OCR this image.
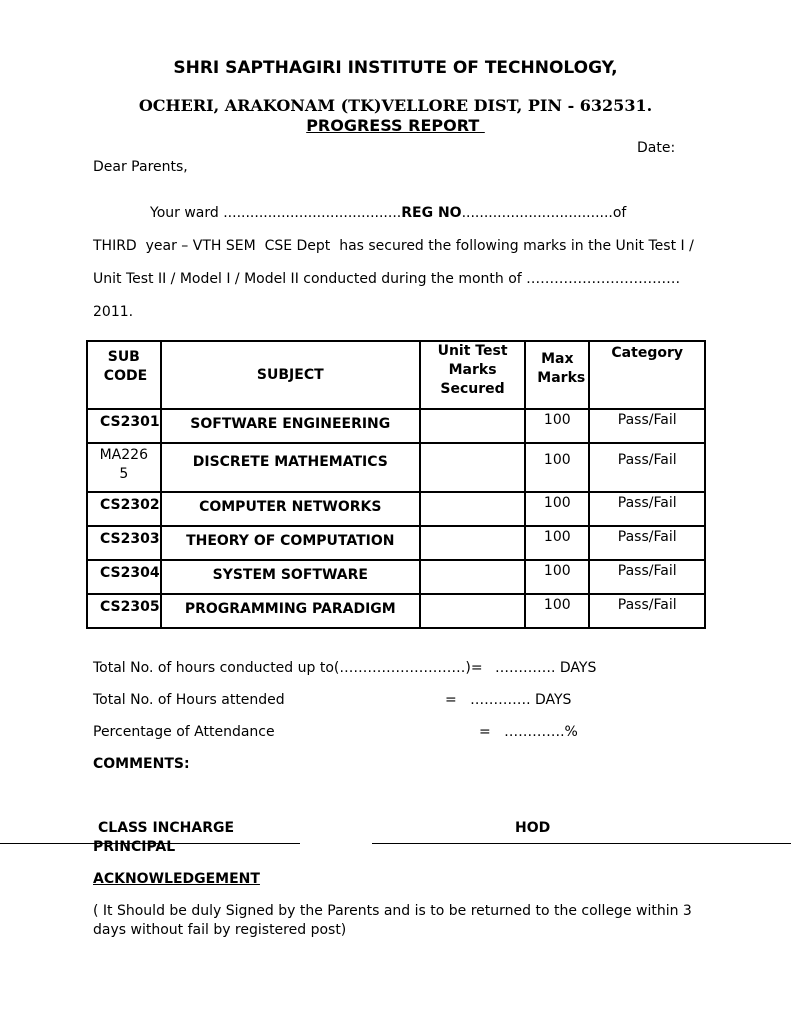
SHRI SAPTHAGIRI INSTITUTE OF TECHNOLOGY,
OCHERI, ARAKONAM (TK)VELLORE DIST, PIN - 632531.
PROGRESS REPORT
Date:
Dear Parents,
Your ward ........................................REG NO..................................of
THIRD  year – VTH SEM  CSE Dept  has secured the following marks in the Unit Test I /
Unit Test II / Model I / Model II conducted during the month of ……………………………
2011.
SUB CODE	SUBJECT	Unit Test Marks Secured	Max Marks	Category
CS2301	SOFTWARE ENGINEERING		100	Pass/Fail

MA2265	DISCRETE MATHEMATICS		100	Pass/Fail
CS2302	COMPUTER NETWORKS		100	Pass/Fail
CS2303	THEORY OF COMPUTATION		100	Pass/Fail
CS2304	SYSTEM SOFTWARE		100	Pass/Fail
CS2305	PROGRAMMING PARADIGM		100	Pass/Fail
Total No. of hours conducted up to(………………………)= …………. DAYS
Total No. of Hours attended	=   …………. DAYS
Percentage of Attendance	=   ………….%
COMMENTS:
CLASS INCHARGE	HOD
PRINCIPAL
ACKNOWLEDGEMENT
( It Should be duly Signed by the Parents and is to be returned to the college within 3
days without fail by registered post)
